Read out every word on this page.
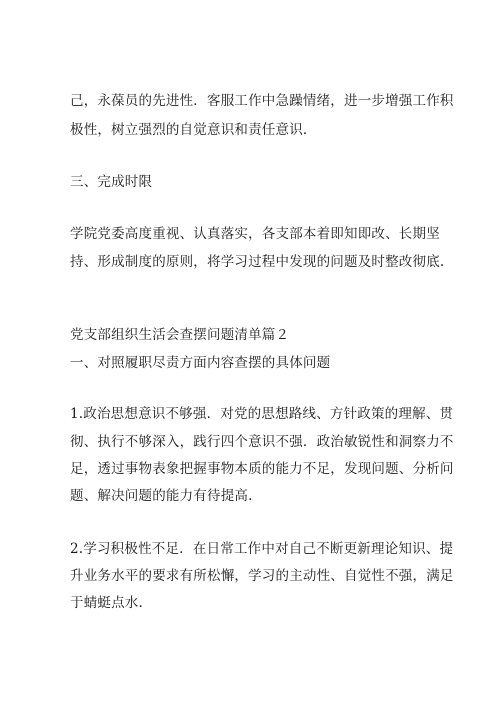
己，永葆员的先进性．客服工作中急躁情绪，进一步增强工作积
极性，树立强烈的自觉意识和责任意识．
三、完成时限
学院党委高度重视、认真落实，各支部本着即知即改、长期坚
持、形成制度的原则，将学习过程中发现的问题及时整改彻底.
党支部组织生活会查摆问题清单篇２
一、对照履职尽责方面内容查摆的具体问题
1.政治思想意识不够强．对党的思想路线、方针政策的理解、贯
彻、执行不够深入，践行四个意识不强．政治敏锐性和洞察力不
足，透过事物表象把握事物本质的能力不足，发现问题、分析问
题、解决问题的能力有待提高.
2.学习积极性不足．在日常工作中对自己不断更新理论知识、提
升业务水平的要求有所松懈，学习的主动性、自觉性不强，满足
于蜻蜓点水.
